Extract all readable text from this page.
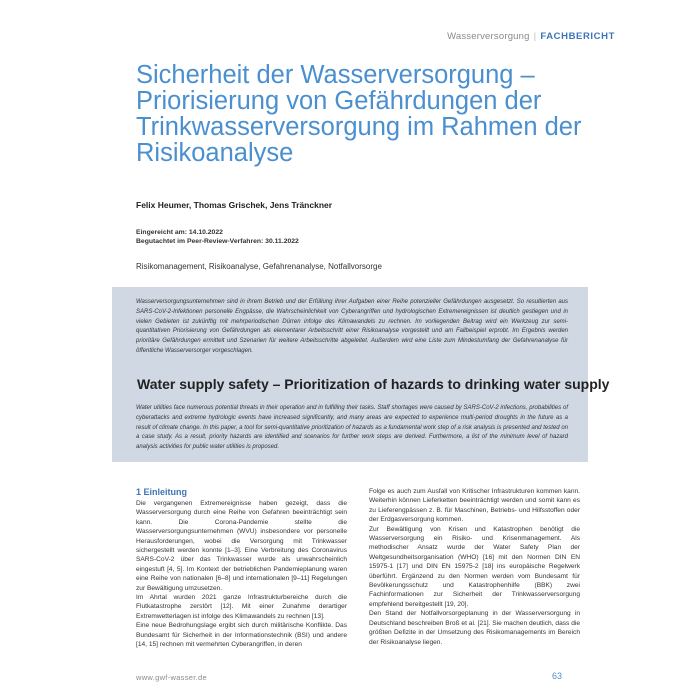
Wasserversorgung | FACHBERICHT
Sicherheit der Wasserversorgung – Priorisierung von Gefährdungen der Trinkwasserversorgung im Rahmen der Risikoanalyse
Felix Heumer, Thomas Grischek, Jens Tränckner
Eingereicht am: 14.10.2022
Begutachtet im Peer-Review-Verfahren: 30.11.2022
Risikomanagement, Risikoanalyse, Gefahrenanalyse, Notfallvorsorge

Wasserversorgungsunternehmen sind in ihrem Betrieb und der Erfüllung ihrer Aufgaben einer Reihe potenzieller Gefährdungen ausgesetzt. So resultierten aus SARS-CoV-2-Infektionen personelle Engpässe, die Wahrscheinlichkeit von Cyberangriffen und hydrologischen Extremereignissen ist deutlich gestiegen und in vielen Gebieten ist zukünftig mit mehrperiodischen Dürren infolge des Klimawandels zu rechnen. Im vorliegenden Beitrag wird ein Werkzeug zur semi-quantitativen Priorisierung von Gefährdungen als elementarer Arbeitsschritt einer Risikoanalyse vorgestellt und am Fallbeispiel erprobt. Im Ergebnis werden prioritäre Gefährdungen ermittelt und Szenarien für weitere Arbeitsschritte abgeleitet. Außerdem wird eine Liste zum Mindestumfang der Gefahrenanalyse für öffentliche Wasserversorger vorgeschlagen.

Water supply safety – Prioritization of hazards to drinking water supply

Water utilities face numerous potential threats in their operation and in fulfilling their tasks. Staff shortages were caused by SARS-CoV-2 infections, probabilities of cyberattacks and extreme hydrologic events have increased significantly, and many areas are expected to experience multi-period droughts in the future as a result of climate change. In this paper, a tool for semi-quantitative prioritization of hazards as a fundamental work step of a risk analysis is presented and tested on a case study. As a result, priority hazards are identified and scenarios for further work steps are derived. Furthermore, a list of the minimum level of hazard analysis activities for public water utilities is proposed.

1 Einleitung

Die vergangenen Extremereignisse haben gezeigt, dass die Wasserversorgung durch eine Reihe von Gefahren beeinträchtigt sein kann. Die Corona-Pandemie stellte die Wasserversorgungsunternehmen (WVU) insbesondere vor personelle Herausforderungen, wobei die Versorgung mit Trinkwasser sichergestellt werden konnte [1–3]. Eine Verbreitung des Coronavirus SARS-CoV-2 über das Trinkwasser wurde als unwahrscheinlich eingestuft [4, 5]. Im Kontext der betrieblichen Pandemieplanung waren eine Reihe von nationalen [6–8] und internationalen [9–11] Regelungen zur Bewältigung umzusetzen.

Im Ahrtal wurden 2021 ganze Infrastrukturbereiche durch die Flutkatastrophe zerstört [12]. Mit einer Zunahme derartiger Extremwetterlagen ist infolge des Klimawandels zu rechnen [13].

Eine neue Bedrohungslage ergibt sich durch militärische Konflikte. Das Bundesamt für Sicherheit in der Informationstechnik (BSI) und andere [14, 15] rechnen mit vermehrten Cyberangriffen, in deren

Folge es auch zum Ausfall von Kritischer Infrastrukturen kommen kann. Weiterhin können Lieferketten beeinträchtigt werden und somit kann es zu Lieferengpässen z. B. für Maschinen, Betriebs- und Hilfsstoffen oder der Erdgasversorgung kommen.

Zur Bewältigung von Krisen und Katastrophen benötigt die Wasserversorgung ein Risiko- und Krisenmanagement. Als methodischer Ansatz wurde der Water Safety Plan der Weltgesundheitsorganisation (WHO) [16] mit den Normen DIN EN 15975-1 [17] und DIN EN 15975-2 [18] ins europäische Regelwerk überführt. Ergänzend zu den Normen werden vom Bundesamt für Bevölkerungsschutz und Katastrophenhilfe (BBK) zwei Fachinformationen zur Sicherheit der Trinkwasserversorgung empfehlend bereitgestellt [19, 20].

Den Stand der Notfallvorsorgeplanung in der Wasserversorgung in Deutschland beschreiben Broß et al. [21]. Sie machen deutlich, dass die größten Defizite in der Umsetzung des Risikomanagements im Bereich der Risikoanalyse liegen.

www.gwf-wasser.de	63
